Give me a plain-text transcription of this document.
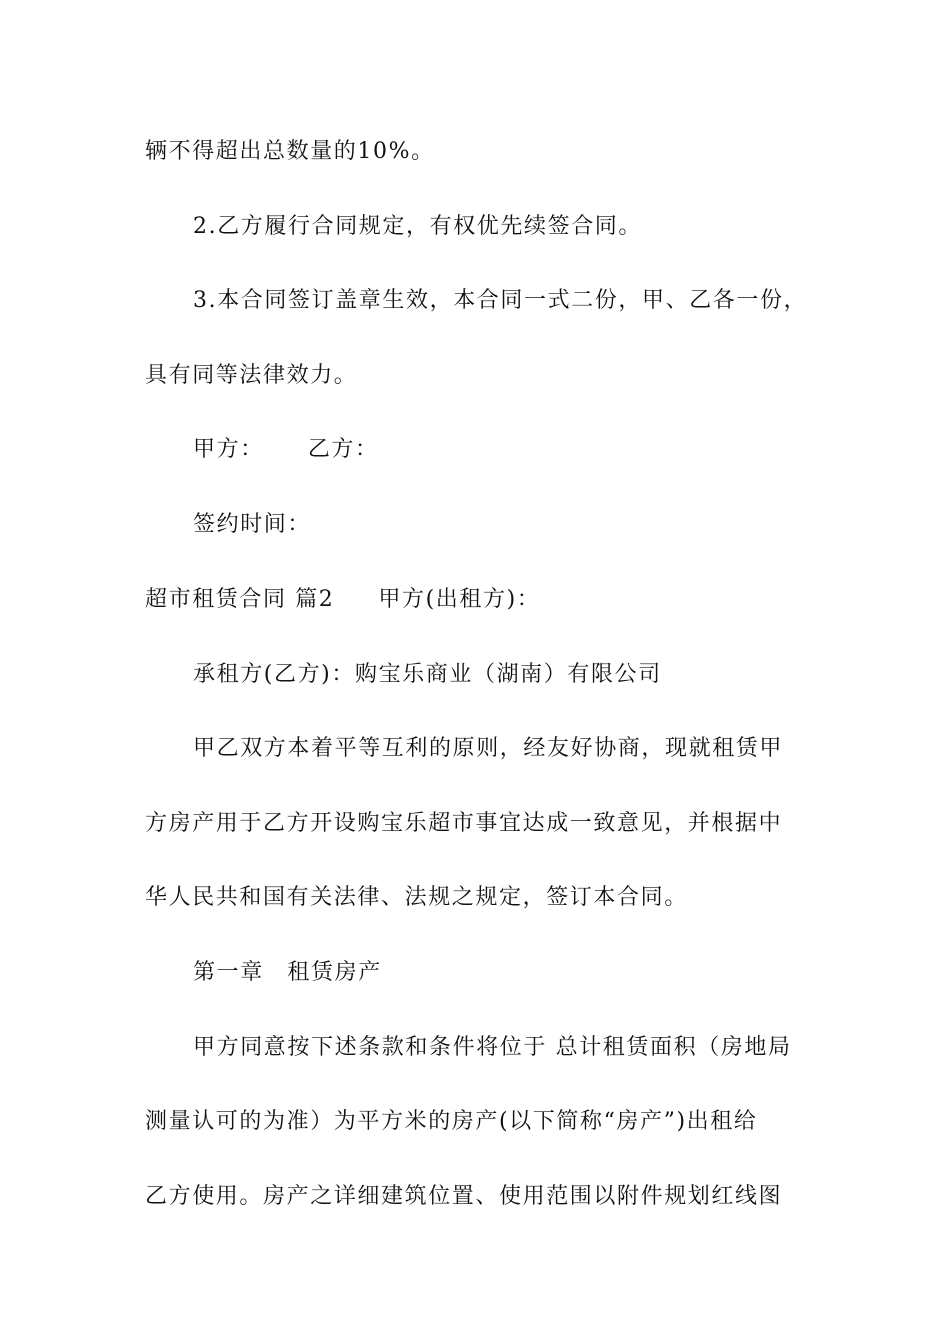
辆不得超出总数量的10%。
2.乙方履行合同规定，有权优先续签合同。
3.本合同签订盖章生效，本合同一式二份，甲、乙各一份，
具有同等法律效力。
甲方： 乙方：
签约时间：
超市租赁合同 篇2 甲方(出租方)：
承租方(乙方)：购宝乐商业（湖南）有限公司
甲乙双方本着平等互利的原则，经友好协商，现就租赁甲
方房产用于乙方开设购宝乐超市事宜达成一致意见，并根据中
华人民共和国有关法律、法规之规定，签订本合同。
第一章　租赁房产
甲方同意按下述条款和条件将位于 总计租赁面积（房地局
测量认可的为准）为平方米的房产(以下简称“房产”)出租给
乙方使用。房产之详细建筑位置、使用范围以附件规划红线图
